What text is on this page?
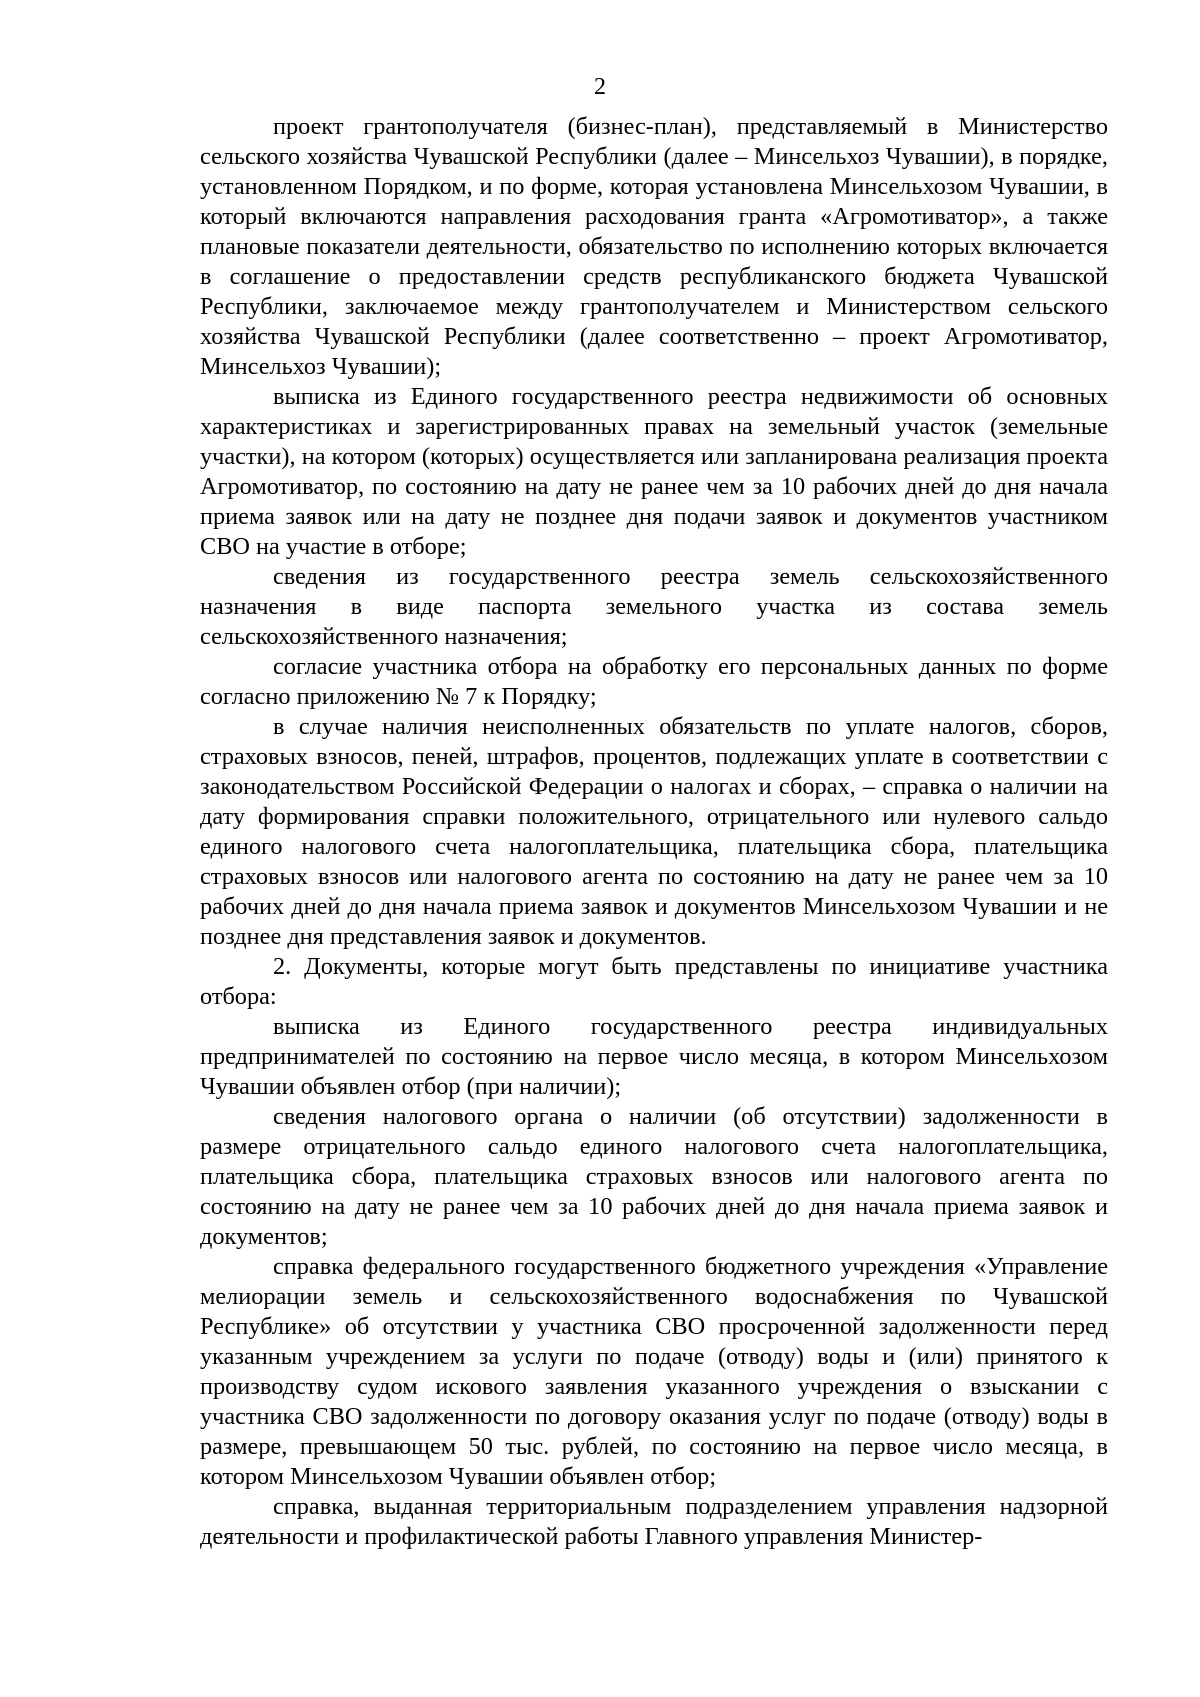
2

проект грантополучателя (бизнес-план), представляемый в Министерство сельского хозяйства Чувашской Республики (далее – Минсельхоз Чувашии), в порядке, установленном Порядком, и по форме, которая установлена Минсельхозом Чувашии, в который включаются направления расходования гранта «Агромотиватор», а также плановые показатели деятельности, обязательство по исполнению которых включается в соглашение о предоставлении средств республиканского бюджета Чувашской Республики, заключаемое между грантополучателем и Министерством сельского хозяйства Чувашской Республики (далее соответственно – проект Агромотиватор, Минсельхоз Чувашии);

выписка из Единого государственного реестра недвижимости об основных характеристиках и зарегистрированных правах на земельный участок (земельные участки), на котором (которых) осуществляется или запланирована реализация проекта Агромотиватор, по состоянию на дату не ранее чем за 10 рабочих дней до дня начала приема заявок или на дату не позднее дня подачи заявок и документов участником СВО на участие в отборе;

сведения из государственного реестра земель сельскохозяйственного назначения в виде паспорта земельного участка из состава земель сельскохозяйственного назначения;

согласие участника отбора на обработку его персональных данных по форме согласно приложению № 7 к Порядку;

в случае наличия неисполненных обязательств по уплате налогов, сборов, страховых взносов, пеней, штрафов, процентов, подлежащих уплате в соответствии с законодательством Российской Федерации о налогах и сборах, – справка о наличии на дату формирования справки положительного, отрицательного или нулевого сальдо единого налогового счета налогоплательщика, плательщика сбора, плательщика страховых взносов или налогового агента по состоянию на дату не ранее чем за 10 рабочих дней до дня начала приема заявок и документов Минсельхозом Чувашии и не позднее дня представления заявок и документов.

2. Документы, которые могут быть представлены по инициативе участника отбора:

выписка из Единого государственного реестра индивидуальных предпринимателей по состоянию на первое число месяца, в котором Минсельхозом Чувашии объявлен отбор (при наличии);

сведения налогового органа о наличии (об отсутствии) задолженности в размере отрицательного сальдо единого налогового счета налогоплательщика, плательщика сбора, плательщика страховых взносов или налогового агента по состоянию на дату не ранее чем за 10 рабочих дней до дня начала приема заявок и документов;

справка федерального государственного бюджетного учреждения «Управление мелиорации земель и сельскохозяйственного водоснабжения по Чувашской Республике» об отсутствии у участника СВО просроченной задолженности перед указанным учреждением за услуги по подаче (отводу) воды и (или) принятого к производству судом искового заявления указанного учреждения о взыскании с участника СВО задолженности по договору оказания услуг по подаче (отводу) воды в размере, превышающем 50 тыс. рублей, по состоянию на первое число месяца, в котором Минсельхозом Чувашии объявлен отбор;

справка, выданная территориальным подразделением управления надзорной деятельности и профилактической работы Главного управления Министер-
